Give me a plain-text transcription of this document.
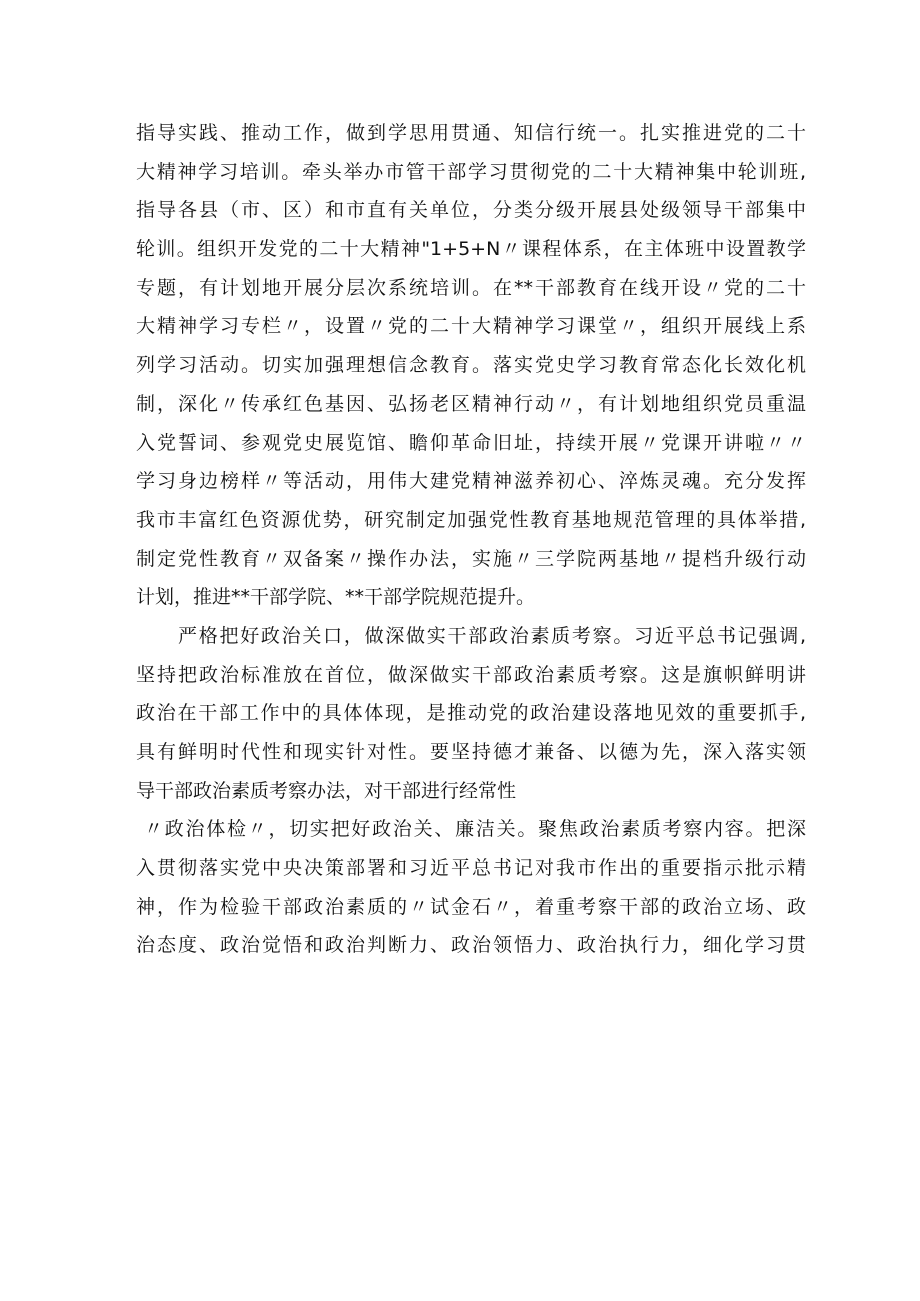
指导实践、推动工作，做到学思用贯通、知信行统一。扎实推进党的二十
大精神学习培训。牵头举办市管干部学习贯彻党的二十大精神集中轮训班,
指导各县（市、区）和市直有关单位，分类分级开展县处级领导干部集中
轮训。组织开发党的二十大精神"1+5+N〃课程体系，在主体班中设置教学
专题，有计划地开展分层次系统培训。在**干部教育在线开设〃党的二十
大精神学习专栏〃，设置〃党的二十大精神学习课堂〃，组织开展线上系
列学习活动。切实加强理想信念教育。落实党史学习教育常态化长效化机
制，深化〃传承红色基因、弘扬老区精神行动〃，有计划地组织党员重温
入党誓词、参观党史展览馆、瞻仰革命旧址，持续开展〃党课开讲啦〃〃
学习身边榜样〃等活动，用伟大建党精神滋养初心、淬炼灵魂。充分发挥
我市丰富红色资源优势，研究制定加强党性教育基地规范管理的具体举措,
制定党性教育〃双备案〃操作办法，实施〃三学院两基地〃提档升级行动
计划，推进**干部学院、**干部学院规范提升。
严格把好政治关口，做深做实干部政治素质考察。习近平总书记强调,
坚持把政治标准放在首位，做深做实干部政治素质考察。这是旗帜鲜明讲
政治在干部工作中的具体体现，是推动党的政治建设落地见效的重要抓手,
具有鲜明时代性和现实针对性。要坚持德才兼备、以德为先，深入落实领
导干部政治素质考察办法，对干部进行经常性
〃政治体检〃，切实把好政治关、廉洁关。聚焦政治素质考察内容。把深
入贯彻落实党中央决策部署和习近平总书记对我市作出的重要指示批示精
神，作为检验干部政治素质的〃试金石〃，着重考察干部的政治立场、政
治态度、政治觉悟和政治判断力、政治领悟力、政治执行力，细化学习贯
